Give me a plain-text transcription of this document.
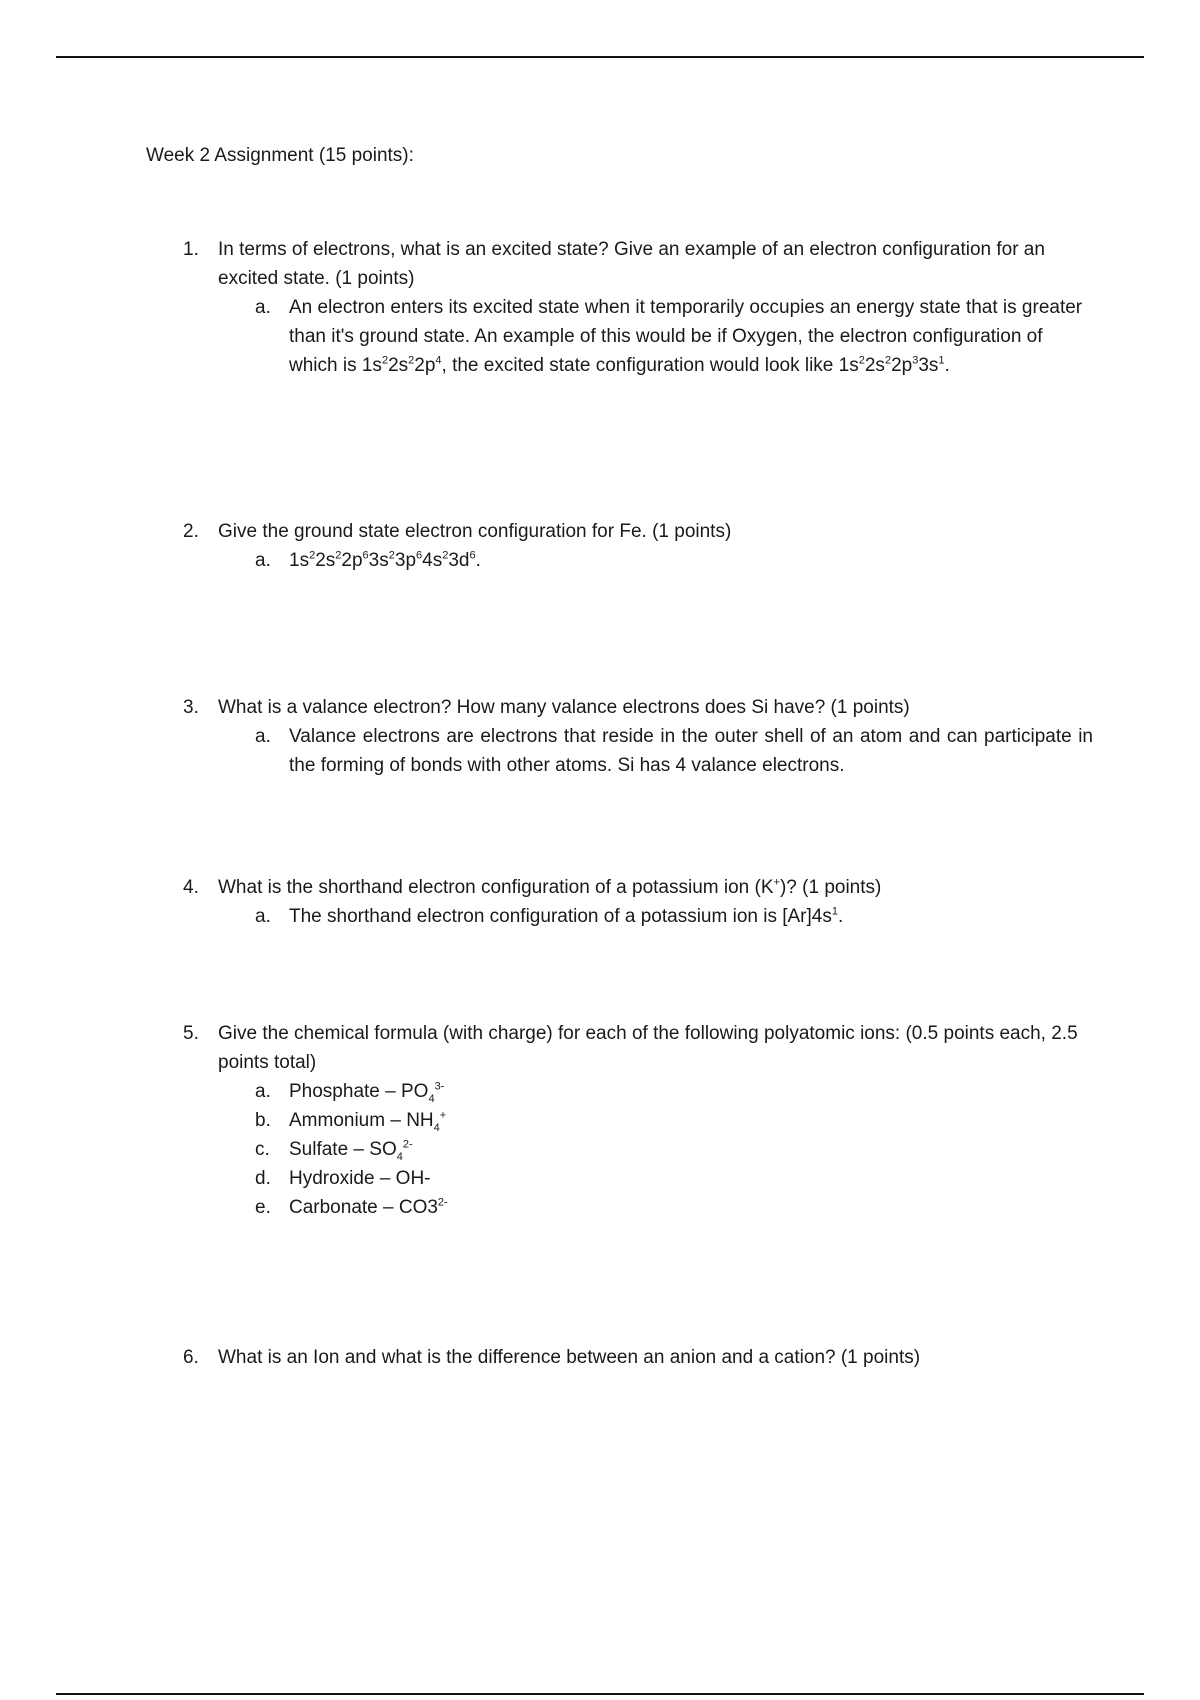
Week 2 Assignment (15 points):
1. In terms of electrons, what is an excited state? Give an example of an electron configuration for an excited state. (1 points)
a. An electron enters its excited state when it temporarily occupies an energy state that is greater than it's ground state. An example of this would be if Oxygen, the electron configuration of which is $1s^22s^22p^4$, the excited state configuration would look like $1s^22s^22p^33s^1$.
2. Give the ground state electron configuration for Fe. (1 points)
a. $1s^22s^22p^63s^23p^64s^23d^6$.
3. What is a valance electron? How many valance electrons does Si have? (1 points)
a. Valance electrons are electrons that reside in the outer shell of an atom and can participate in the forming of bonds with other atoms. Si has 4 valance electrons.
4. What is the shorthand electron configuration of a potassium ion (K+)? (1 points)
a. The shorthand electron configuration of a potassium ion is $[Ar]4s^1$.
5. Give the chemical formula (with charge) for each of the following polyatomic ions: (0.5 points each, 2.5 points total)
a. Phosphate – $PO_4^{3-}$
b. Ammonium – $NH_4^+$
c. Sulfate – $SO_4^{2-}$
d. Hydroxide – OH-
e. Carbonate – $CO3^{2-}$
6. What is an Ion and what is the difference between an anion and a cation? (1 points)
